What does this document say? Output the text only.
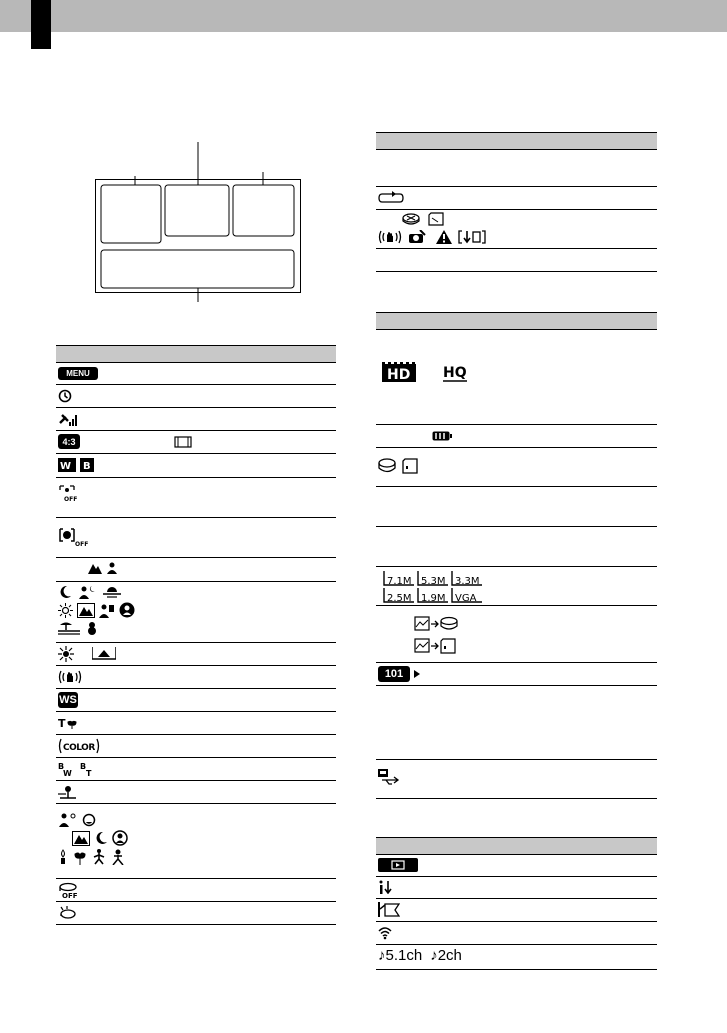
MENU
4:3
W B
OFF
OFF
WS
T
COLOR
B
W
B
T
OFF
HD HQ
7.1M 5.3M 3.3M
2.5M 1.9M VGA
101
♪5.1ch ♪2ch
